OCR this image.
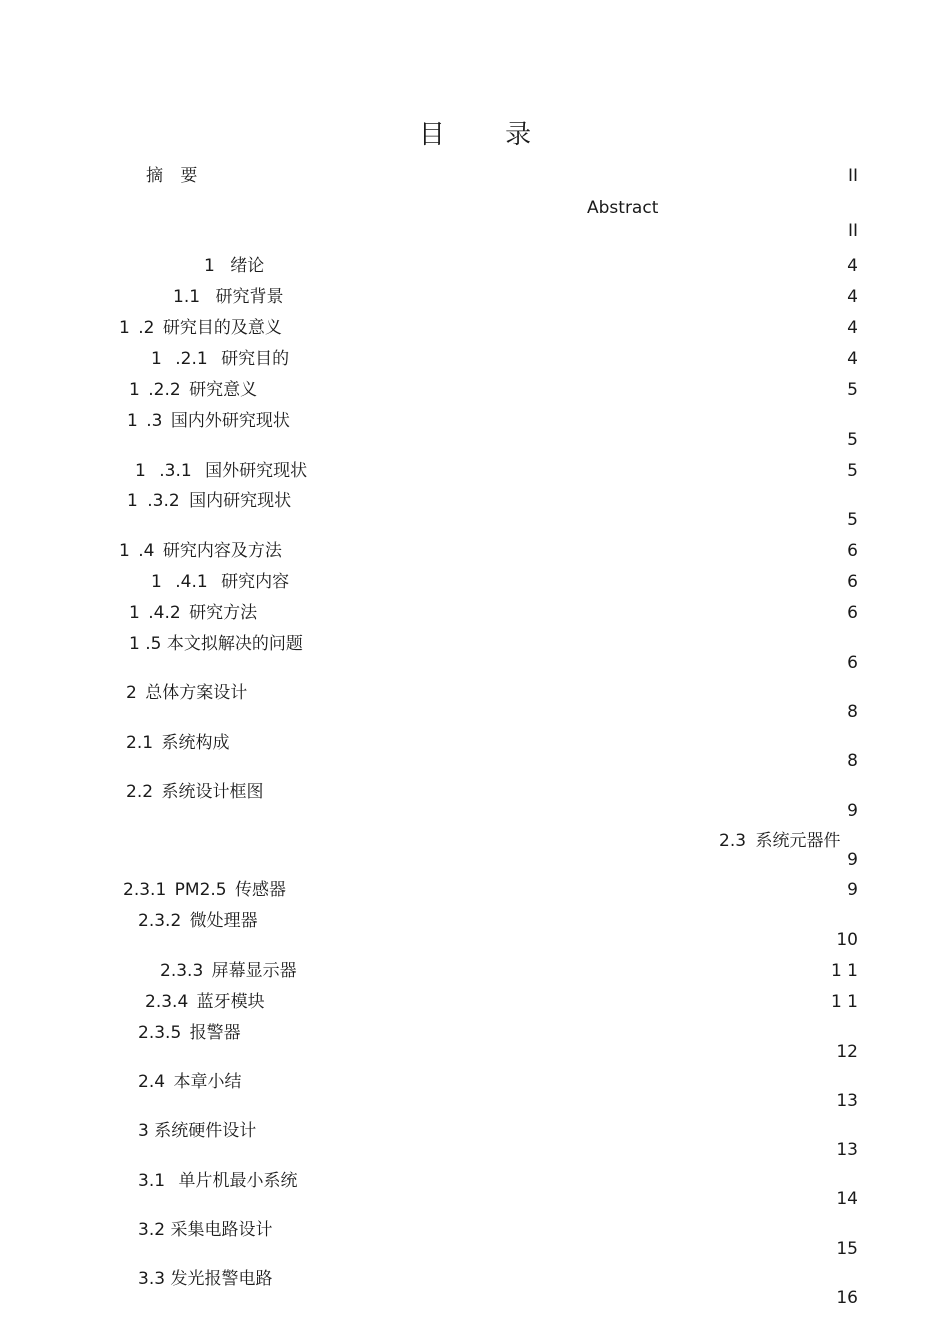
目 录
摘 要
Abstract
1 绪论
1.1 研究背景
1 .2 研究目的及意义
1 .2.1 研究目的
1 .2.2 研究意义
1 .3 国内外研究现状
1 .3.1 国外研究现状
1 .3.2 国内研究现状
1 .4 研究内容及方法
1 .4.1 研究内容
1 .4.2 研究方法
1 .5 本文拟解决的问题
2 总体方案设计
2.1 系统构成
2.2 系统设计框图
2.3 系统元器件
2.3.1 PM2.5 传感器
2.3.2 微处理器
2.3.3 屏幕显示器
2.3.4 蓝牙模块
2.3.5 报警器
2.4 本章小结
3 系统硬件设计
3.1 单片机最小系统
3.2 采集电路设计
3.3 发光报警电路
II
II
4
4
4
4
5
5
5
5
6
6
6
6
8
8
9
9
9
10
1 1
1 1
12
13
13
14
15
16
